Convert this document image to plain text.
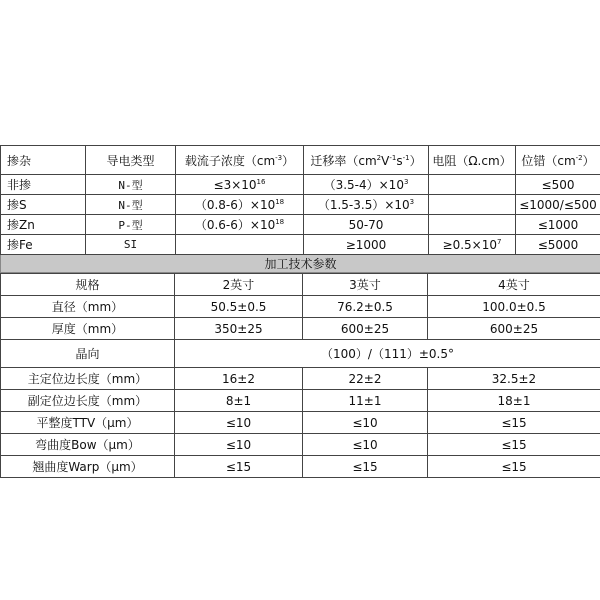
掺杂	导电类型	载流子浓度$(cm^{-3})$	迁移率$(cm^2V^{-1}s^{-1})$	电阻（Ω.cm）	位错$(cm^{-2})$
非掺	N-型	$\le 3\times 10^{16}$	$(3.5-4)\times 10^3$		≤500
掺S	N-型	$(0.8-6)\times 10^{18}$	$(1.5-3.5)\times 10^3$		≤1000/≤500
掺Zn	P-型	$(0.6-6)\times 10^{18}$	50-70		≤1000
掺Fe	SI		≥1000	$\ge 0.5\times 10^7$	≤5000
加工技术参数					
规格	2英寸	3英寸	4英寸
直径（mm）	50.5±0.5	76.2±0.5	100.0±0.5
厚度（mm）	350±25	600±25	600±25
晶向	（100）/（111）±0.5°		
主定位边长度（mm）	16±2	22±2	32.5±2
副定位边长度（mm）	8±1	11±1	18±1
平整度TTV（μm）	≤10	≤10	≤15
弯曲度Bow（μm）	≤10	≤10	≤15
翘曲度Warp（μm）	≤15	≤15	≤15
